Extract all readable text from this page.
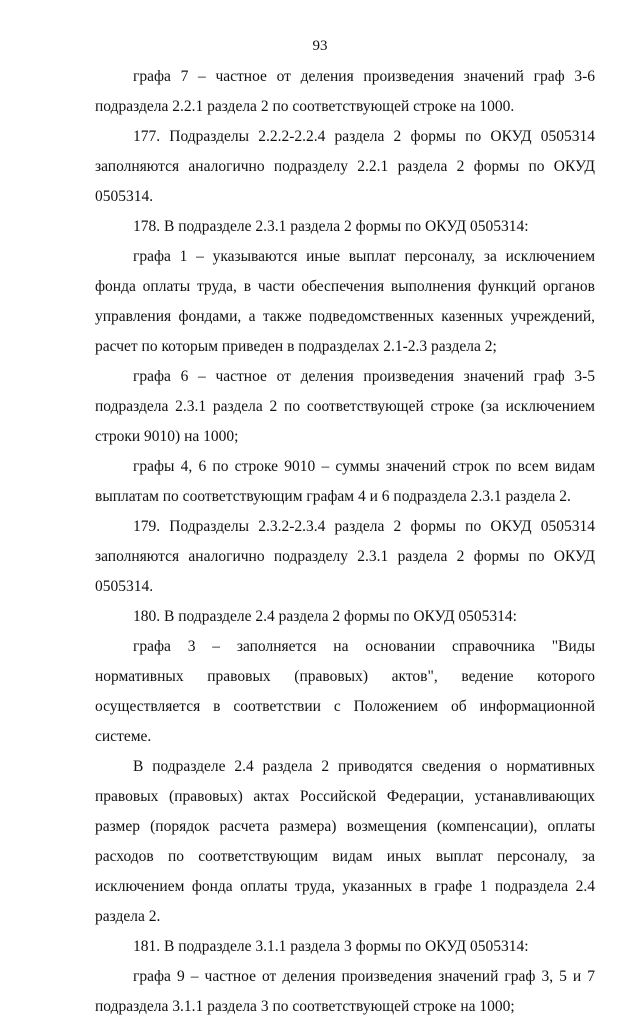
93

графа 7 – частное от деления произведения значений граф 3-6 подраздела 2.2.1 раздела 2 по соответствующей строке на 1000.

177. Подразделы 2.2.2-2.2.4 раздела 2 формы по ОКУД 0505314 заполняются аналогично подразделу 2.2.1 раздела 2 формы по ОКУД 0505314.

178. В подразделе 2.3.1 раздела 2 формы по ОКУД 0505314:

графа 1 – указываются иные выплат персоналу, за исключением фонда оплаты труда, в части обеспечения выполнения функций органов управления фондами, а также подведомственных казенных учреждений, расчет по которым приведен в подразделах 2.1-2.3 раздела 2;

графа 6 – частное от деления произведения значений граф 3-5 подраздела 2.3.1 раздела 2 по соответствующей строке (за исключением строки 9010) на 1000;

графы 4, 6 по строке 9010 – суммы значений строк по всем видам выплатам по соответствующим графам 4 и 6 подраздела 2.3.1 раздела 2.

179. Подразделы 2.3.2-2.3.4 раздела 2 формы по ОКУД 0505314 заполняются аналогично подразделу 2.3.1 раздела 2 формы по ОКУД 0505314.

180. В подразделе 2.4 раздела 2 формы по ОКУД 0505314:

графа 3 – заполняется на основании справочника "Виды нормативных правовых (правовых) актов", ведение которого осуществляется в соответствии с Положением об информационной системе.

В подразделе 2.4 раздела 2 приводятся сведения о нормативных правовых (правовых) актах Российской Федерации, устанавливающих размер (порядок расчета размера) возмещения (компенсации), оплаты расходов по соответствующим видам иных выплат персоналу, за исключением фонда оплаты труда, указанных в графе 1 подраздела 2.4 раздела 2.

181. В подразделе 3.1.1 раздела 3 формы по ОКУД 0505314:

графа 9 – частное от деления произведения значений граф 3, 5 и 7 подраздела 3.1.1 раздела 3 по соответствующей строке на 1000;
